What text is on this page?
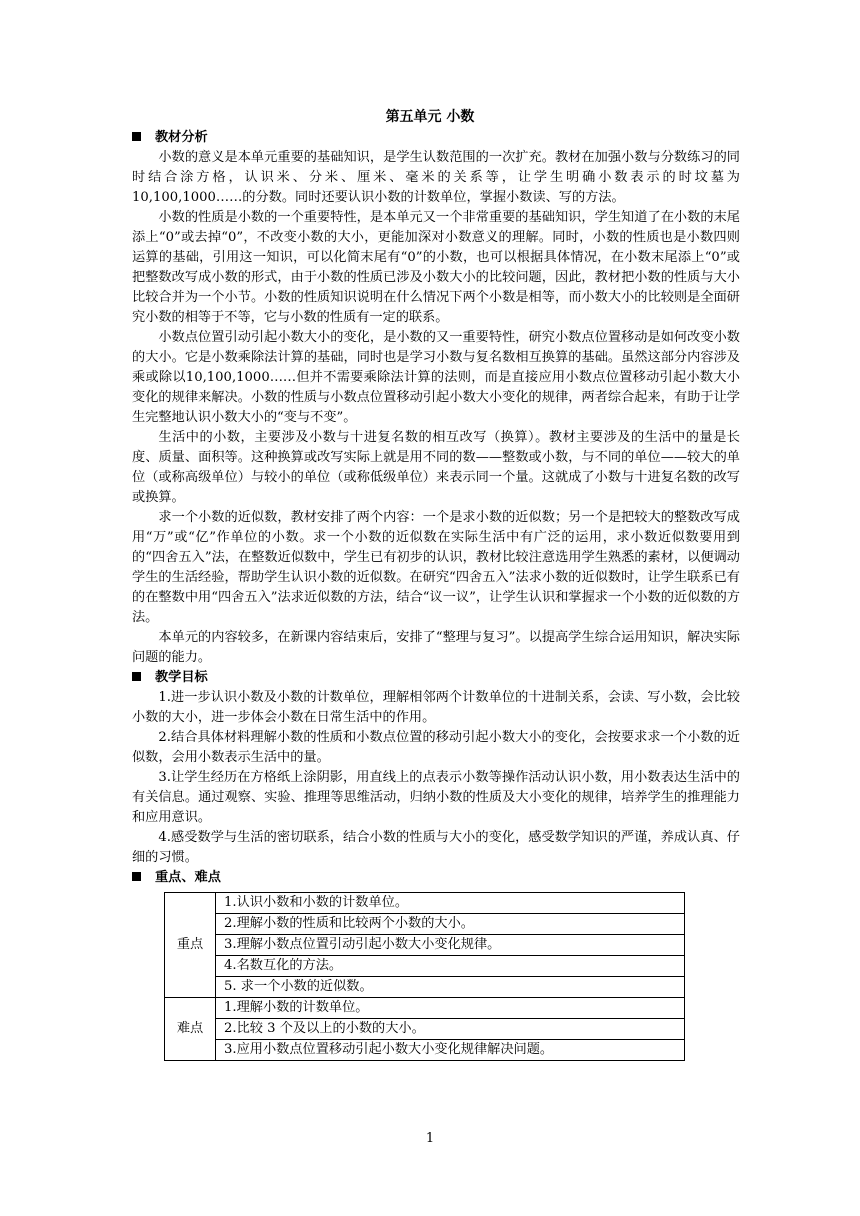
第五单元 小数
教材分析

小数的意义是本单元重要的基础知识，是学生认数范围的一次扩充。教材在加强小数与分数练习的同时结合涂方格，认识米、分米、厘米、毫米的关系等，让学生明确小数表示的时坟墓为10,100,1000……的分数。同时还要认识小数的计数单位，掌握小数读、写的方法。

小数的性质是小数的一个重要特性，是本单元又一个非常重要的基础知识，学生知道了在小数的末尾添上“0”或去掉“0”，不改变小数的大小，更能加深对小数意义的理解。同时，小数的性质也是小数四则运算的基础，引用这一知识，可以化简末尾有“0”的小数，也可以根据具体情况，在小数末尾添上“0”或把整数改写成小数的形式，由于小数的性质已涉及小数大小的比较问题，因此，教材把小数的性质与大小比较合并为一个小节。小数的性质知识说明在什么情况下两个小数是相等，而小数大小的比较则是全面研究小数的相等于不等，它与小数的性质有一定的联系。

小数点位置引动引起小数大小的变化，是小数的又一重要特性，研究小数点位置移动是如何改变小数的大小。它是小数乘除法计算的基础，同时也是学习小数与复名数相互换算的基础。虽然这部分内容涉及乘或除以10,100,1000……但并不需要乘除法计算的法则，而是直接应用小数点位置移动引起小数大小变化的规律来解决。小数的性质与小数点位置移动引起小数大小变化的规律，两者综合起来，有助于让学生完整地认识小数大小的“变与不变”。

生活中的小数，主要涉及小数与十进复名数的相互改写（换算）。教材主要涉及的生活中的量是长度、质量、面积等。这种换算或改写实际上就是用不同的数——整数或小数，与不同的单位——较大的单位（或称高级单位）与较小的单位（或称低级单位）来表示同一个量。这就成了小数与十进复名数的改写或换算。

求一个小数的近似数，教材安排了两个内容：一个是求小数的近似数；另一个是把较大的整数改写成用“万”或“亿”作单位的小数。求一个小数的近似数在实际生活中有广泛的运用，求小数近似数要用到的“四舍五入”法，在整数近似数中，学生已有初步的认识，教材比较注意选用学生熟悉的素材，以便调动学生的生活经验，帮助学生认识小数的近似数。在研究“四舍五入”法求小数的近似数时，让学生联系已有的在整数中用“四舍五入”法求近似数的方法，结合“议一议”，让学生认识和掌握求一个小数的近似数的方法。

本单元的内容较多，在新课内容结束后，安排了“整理与复习”。以提高学生综合运用知识，解决实际问题的能力。

教学目标

1.进一步认识小数及小数的计数单位，理解相邻两个计数单位的十进制关系，会读、写小数，会比较小数的大小，进一步体会小数在日常生活中的作用。

2.结合具体材料理解小数的性质和小数点位置的移动引起小数大小的变化，会按要求求一个小数的近似数，会用小数表示生活中的量。

3.让学生经历在方格纸上涂阴影，用直线上的点表示小数等操作活动认识小数，用小数表达生活中的有关信息。通过观察、实验、推理等思维活动，归纳小数的性质及大小变化的规律，培养学生的推理能力和应用意识。

4.感受数学与生活的密切联系，结合小数的性质与大小的变化，感受数学知识的严谨，养成认真、仔细的习惯。

重点、难点
重点	1.认识小数和小数的计数单位。
	2.理解小数的性质和比较两个小数的大小。
	3.理解小数点位置引动引起小数大小变化规律。
	4.名数互化的方法。
	5. 求一个小数的近似数。
难点	1.理解小数的计数单位。
	2.比较 3 个及以上的小数的大小。
	3.应用小数点位置移动引起小数大小变化规律解决问题。
1
